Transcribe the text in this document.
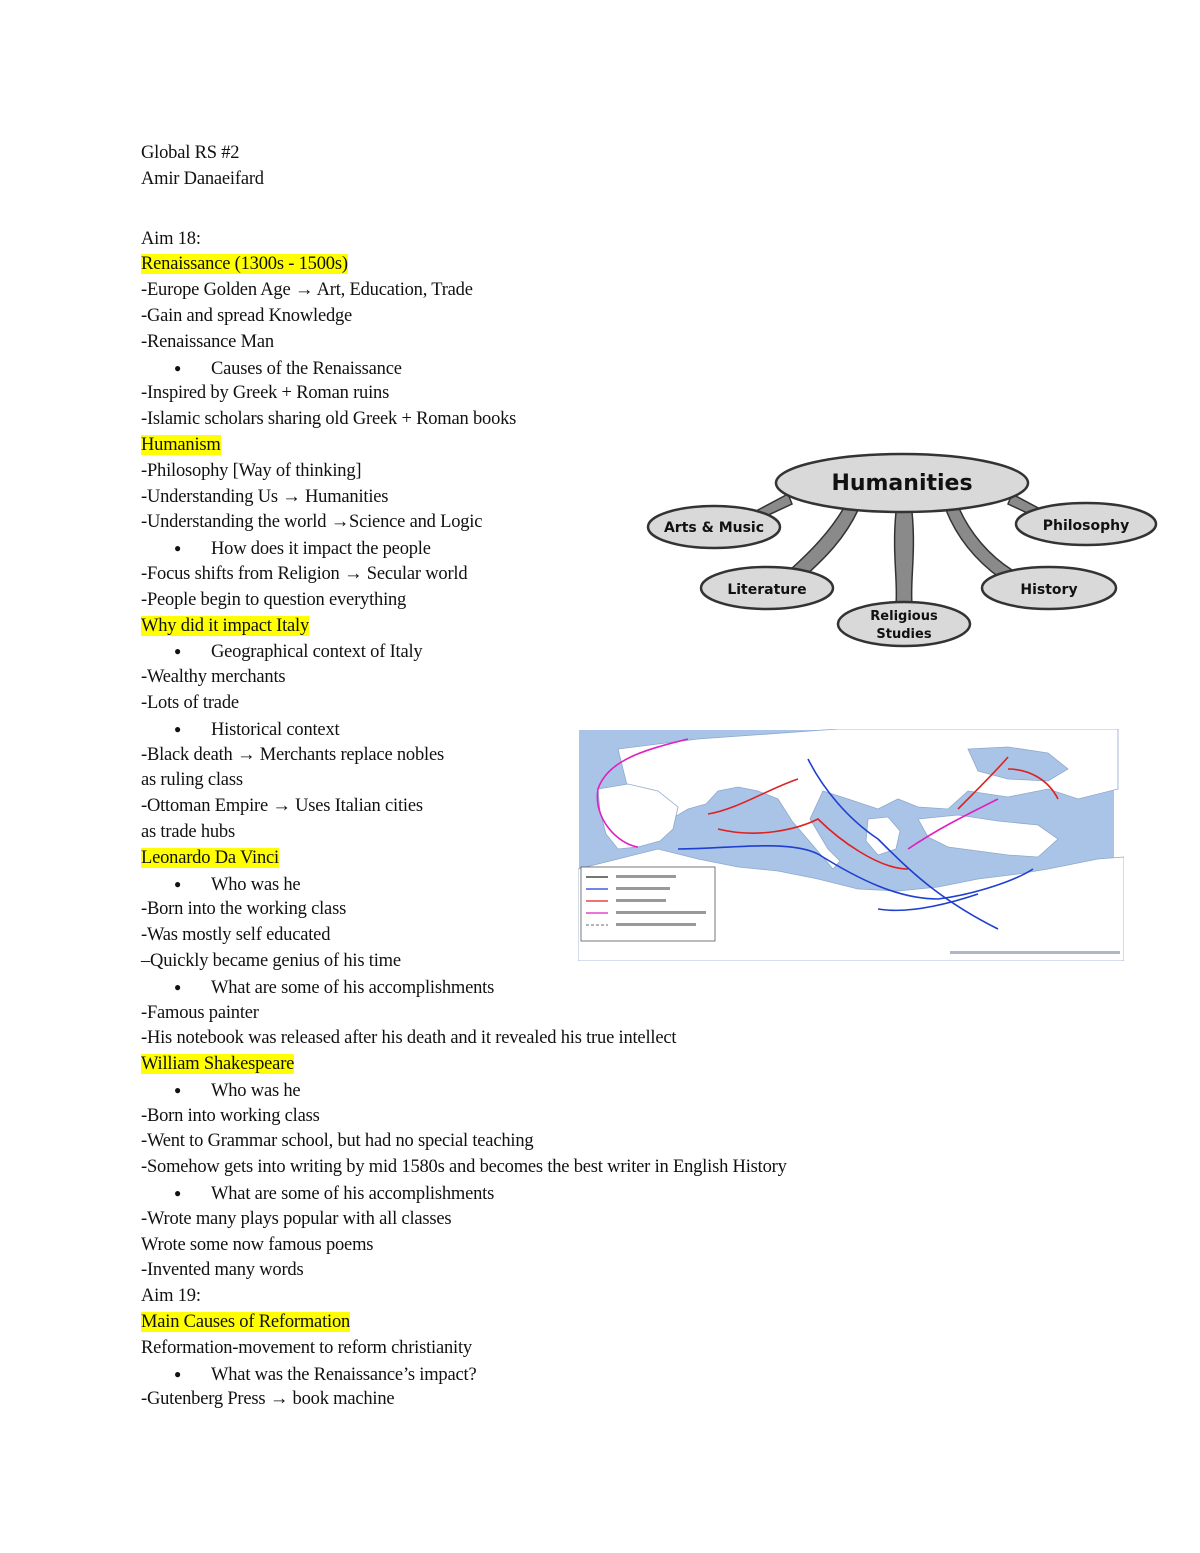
Global RS #2
Amir Danaeifard
Aim 18:
Renaissance (1300s - 1500s)
-Europe Golden Age → Art, Education, Trade
-Gain and spread Knowledge
-Renaissance Man
● Causes of the Renaissance
-Inspired by Greek + Roman ruins
-Islamic scholars sharing old Greek + Roman books
Humanism
-Philosophy [Way of thinking]
-Understanding Us → Humanities
-Understanding the world →Science and Logic
● How does it impact the people
-Focus shifts from Religion → Secular world
-People begin to question everything
Why did it impact Italy
● Geographical context of Italy
-Wealthy merchants
-Lots of trade
● Historical context
-Black death → Merchants replace nobles
as ruling class
-Ottoman Empire → Uses Italian cities
as trade hubs
Leonardo Da Vinci
● Who was he
-Born into the working class
-Was mostly self educated
–Quickly became genius of his time
● What are some of his accomplishments
-Famous painter
-His notebook was released after his death and it revealed his true intellect
William Shakespeare
● Who was he
-Born into working class
-Went to Grammar school, but had no special teaching
-Somehow gets into writing by mid 1580s and becomes the best writer in English History
● What are some of his accomplishments
-Wrote many plays popular with all classes
Wrote some now famous poems
-Invented many words
Aim 19:
Main Causes of Reformation
Reformation-movement to reform christianity
● What was the Renaissance’s impact?
-Gutenberg Press → book machine
Humanities
Arts & Music	Philosophy
Literature	History
Religious
Studies
